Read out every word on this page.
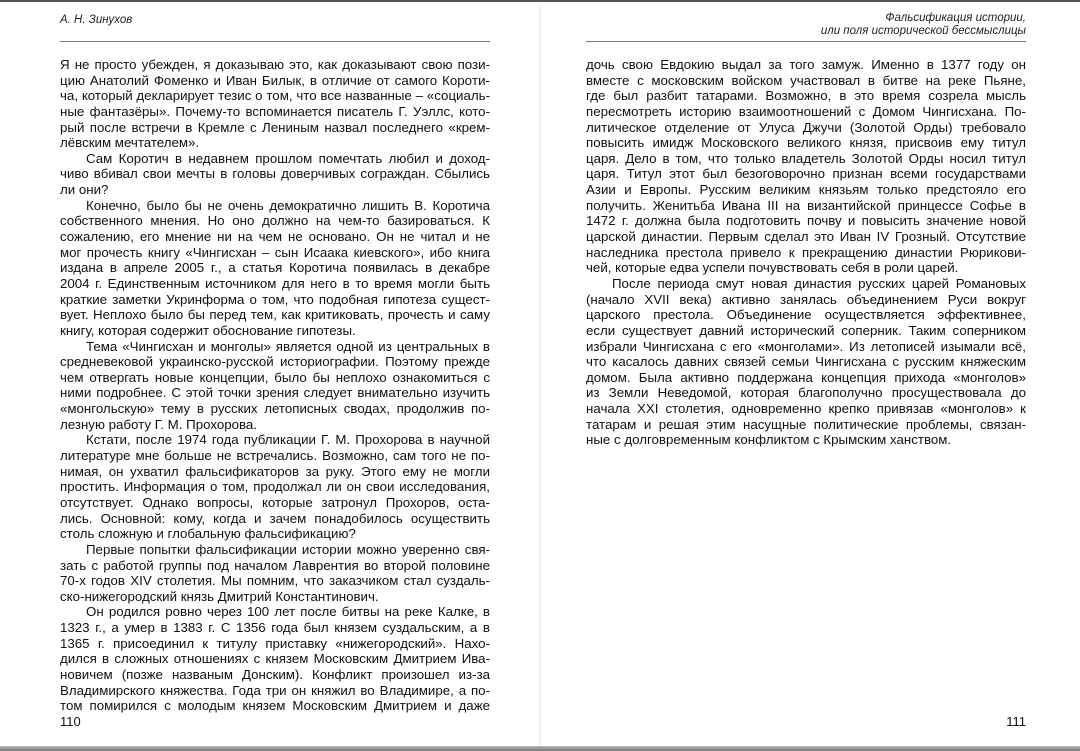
А. Н. Зинухов
Я не просто убежден, я доказываю это, как доказывают свою пози-
цию Анатолий Фоменко и Иван Билык, в отличие от самого Корoти-
ча, который декларирует тезис о том, что все названные – «социаль-
ные фантазёры». Почему-то вспоминается писатель Г. Уэллс, кото-
рый после встречи в Кремле с Лениным назвал последнего «крем-
лёвским мечтателем».
Сам Коротич в недавнем прошлом помечтать любил и доход-
чиво вбивал свои мечты в головы доверчивых сограждан. Сбылись
ли они?
Конечно, было бы не очень демократично лишить В. Коротича
собственного мнения. Но оно должно на чем-то базироваться. К
сожалению, его мнение ни на чем не основано. Он не читал и не
мог прочесть книгу «Чингисхан – сын Исаака киевского», ибо книга
издана в апреле 2005 г., а статья Коротича появилась в декабре
2004 г. Единственным источником для него в то время могли быть
краткие заметки Укринформа о том, что подобная гипотеза сущест-
вует. Неплохо было бы перед тем, как критиковать, прочесть и саму
книгу, которая содержит обоснование гипотезы.
Тема «Чингисхан и монголы» является одной из центральных в
средневековой украинско-русской историографии. Поэтому прежде
чем отвергать новые концепции, было бы неплохо ознакомиться с
ними подробнее. С этой точки зрения следует внимательно изучить
«монгольскую» тему в русских летописных сводах, продолжив по-
лезную работу Г. М. Прохорова.
Кстати, после 1974 года публикации Г. М. Прохорова в научной
литературе мне больше не встречались. Возможно, сам того не по-
нимая, он ухватил фальсификаторов за руку. Этого ему не могли
простить. Информация о том, продолжал ли он свои исследования,
отсутствует. Однако вопросы, которые затронул Прохоров, оста-
лись. Основной: кому, когда и зачем понадобилось осуществить
столь сложную и глобальную фальсификацию?
Первые попытки фальсификации истории можно уверенно свя-
зать с работой группы под началом Лаврентия во второй половине
70-х годов XIV столетия. Мы помним, что заказчиком стал суздаль-
ско-нижегородский князь Дмитрий Константинович.
Он родился ровно через 100 лет после битвы на реке Калке, в
1323 г., а умер в 1383 г. С 1356 года был князем суздальским, а в
1365 г. присоединил к титулу приставку «нижегородский». Нахо-
дился в сложных отношениях с князем Московским Дмитрием Ива-
новичем (позже названым Донским). Конфликт произошел из-за
Владимирского княжества. Года три он княжил во Владимире, а по-
том помирился с молодым князем Московским Дмитрием и даже
110
Фальсификация истории,
или поля исторической бессмыслицы
дочь свою Евдокию выдал за того замуж. Именно в 1377 году он
вместе с московским войском участвовал в битве на реке Пьяне,
где был разбит татарами. Возможно, в это время созрела мысль
пересмотреть историю взаимоотношений с Домом Чингисхана. По-
литическое отделение от Улуса Джучи (Золотой Орды) требовало
повысить имидж Московского великого князя, присвоив ему титул
царя. Дело в том, что только владетель Золотой Орды носил титул
царя. Титул этот был безоговорочно признан всеми государствами
Азии и Европы. Русским великим князьям только предстояло его
получить. Женитьба Ивана III на византийской принцессе Софье в
1472 г. должна была подготовить почву и повысить значение новой
царской династии. Первым сделал это Иван IV Грозный. Отсутствие
наследника престола привело к прекращению династии Рюрикови-
чей, которые едва успели почувствовать себя в роли царей.
После периода смут новая династия русских царей Романовых
(начало XVII века) активно занялась объединением Руси вокруг
царского престола. Объединение осуществляется эффективнее,
если существует давний исторический соперник. Таким соперником
избрали Чингисхана с его «монголами». Из летописей изымали всё,
что касалось давних связей семьи Чингисхана с русским княжеским
домом. Была активно поддержана концепция прихода «монголов»
из Земли Неведомой, которая благополучно просуществовала до
начала XXI столетия, одновременно крепко привязав «монголов» к
татарам и решая этим насущные политические проблемы, связан-
ные с долговременным конфликтом с Крымским ханством.
111
